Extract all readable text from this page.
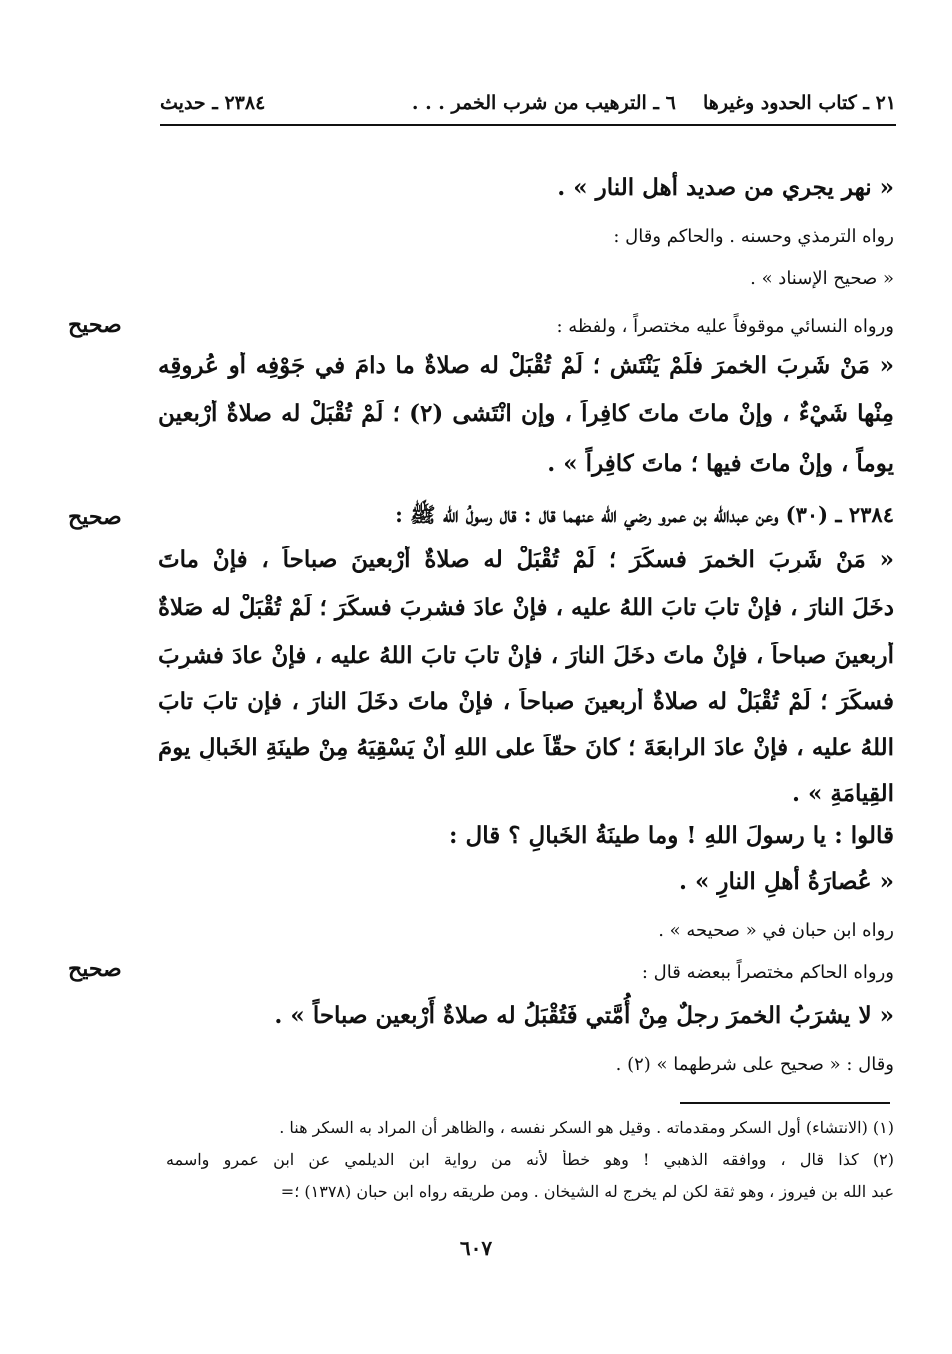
٢١ ـ كتاب الحدود وغيرها
٦ ـ الترهيب من شرب الخمر . . .
٢٣٨٤ ـ حديث
« نهر يجري من صديد أهل النار » .
رواه الترمذي وحسنه . والحاكم وقال :
« صحيح الإسناد » .
ورواه النسائي موقوفاً عليه مختصراً ، ولفظه :
« مَنْ شَرِبَ الخمرَ فلَمْ يَنْتَشِ ؛ لَمْ تُقْبَلْ له صلاةٌ ما دامَ في جَوْفِه أو عُروقِه
مِنْها شَيْءٌ ، وإنْ ماتَ ماتَ كافِراً ، وإن انْتَشى (٢) ؛ لَمْ تُقْبَلْ له صلاةٌ أَرْبعين
يوماً ، وإنْ ماتَ فيها ؛ ماتَ كافِراً » .
٢٣٨٤ ـ (٣٠) وعن عبدالله بن عمرو رضي الله عنهما قال : قال رسولُ الله ﷺ :
« مَنْ شَرِبَ الخمرَ فسكَرَ ؛ لَمْ تُقْبَلْ له صلاةٌ أَرْبعينَ صباحاً ، فإنْ ماتَ
دخَلَ النارَ ، فإنْ تابَ تابَ اللهُ عليه ، فإنْ عادَ فشرِبَ فسكَرَ ؛ لَمْ تُقْبَلْ له صَلاةٌ
أربعينَ صباحاً ، فإنْ ماتَ دخَلَ النارَ ، فإنْ تابَ تابَ اللهُ عليه ، فإنْ عادَ فشرِبَ
فسكَرَ ؛ لَمْ تُقْبَلْ له صلاةٌ أَربعينَ صباحاً ، فإنْ ماتَ دخَلَ النارَ ، فإن تابَ تابَ
اللهُ عليه ، فإنْ عادَ الرابعَةَ ؛ كانَ حقّاً على اللهِ أنْ يَسْقِيَهُ مِنْ طينَةِ الخَبالِ يومَ
القِيامَةِ » .
قالوا : يا رسولَ اللهِ ! وما طينَةُ الخَبالِ ؟ قال :
« عُصارَةُ أهلِ النارِ » .
رواه ابن حبان في « صحيحه » .
ورواه الحاكم مختصراً ببعضه قال :
« لا يشرَبُ الخمرَ رجلٌ مِنْ أُمَّتي فَتُقْبَلُ له صلاةٌ أَرْبعين صباحاً » .
وقال : « صحيح على شرطهما » (٢) .
صحيح
صحيح
صحيح
(١) (الانتشاء) أول السكر ومقدماته . وقيل هو السكر نفسه ، والظاهر أن المراد به السكر هنا .
(٢) كذا قال ، ووافقه الذهبي ! وهو خطأ لأنه من رواية ابن الديلمي عن ابن عمرو واسمه
عبد الله بن فيروز ، وهو ثقة لكن لم يخرج له الشيخان . ومن طريقه رواه ابن حبان (١٣٧٨) ؛=
٦٠٧
